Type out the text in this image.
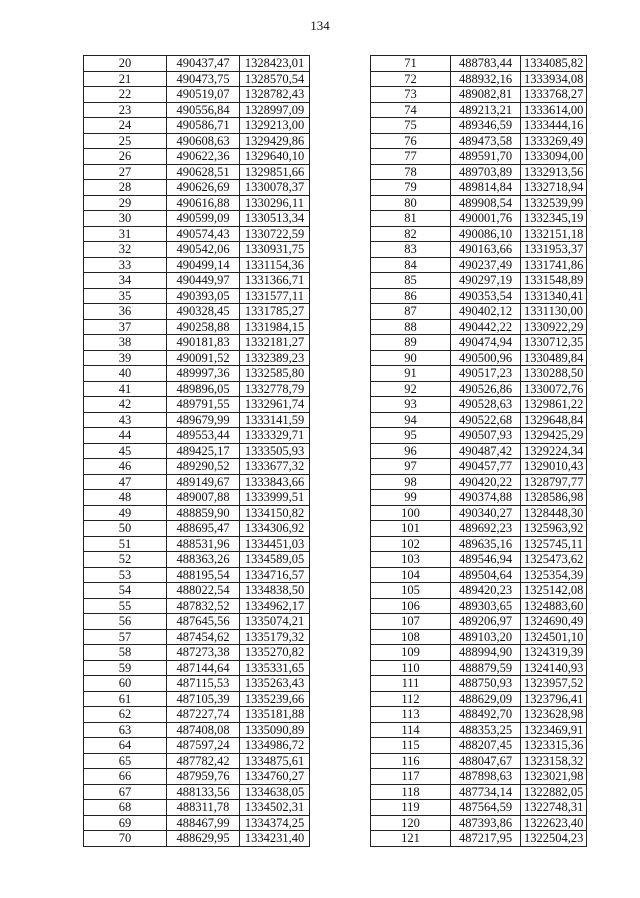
134
20	490437,47	1328423,01
21	490473,75	1328570,54
22	490519,07	1328782,43
23	490556,84	1328997,09
24	490586,71	1329213,00
25	490608,63	1329429,86
26	490622,36	1329640,10
27	490628,51	1329851,66
28	490626,69	1330078,37
29	490616,88	1330296,11
30	490599,09	1330513,34
31	490574,43	1330722,59
32	490542,06	1330931,75
33	490499,14	1331154,36
34	490449,97	1331366,71
35	490393,05	1331577,11
36	490328,45	1331785,27
37	490258,88	1331984,15
38	490181,83	1332181,27
39	490091,52	1332389,23
40	489997,36	1332585,80
41	489896,05	1332778,79
42	489791,55	1332961,74
43	489679,99	1333141,59
44	489553,44	1333329,71
45	489425,17	1333505,93
46	489290,52	1333677,32
47	489149,67	1333843,66
48	489007,88	1333999,51
49	488859,90	1334150,82
50	488695,47	1334306,92
51	488531,96	1334451,03
52	488363,26	1334589,05
53	488195,54	1334716,57
54	488022,54	1334838,50
55	487832,52	1334962,17
56	487645,56	1335074,21
57	487454,62	1335179,32
58	487273,38	1335270,82
59	487144,64	1335331,65
60	487115,53	1335263,43
61	487105,39	1335239,66
62	487227,74	1335181,88
63	487408,08	1335090,89
64	487597,24	1334986,72
65	487782,42	1334875,61
66	487959,76	1334760,27
67	488133,56	1334638,05
68	488311,78	1334502,31
69	488467,99	1334374,25
70	488629,95	1334231,40
71	488783,44	1334085,82
72	488932,16	1333934,08
73	489082,81	1333768,27
74	489213,21	1333614,00
75	489346,59	1333444,16
76	489473,58	1333269,49
77	489591,70	1333094,00
78	489703,89	1332913,56
79	489814,84	1332718,94
80	489908,54	1332539,99
81	490001,76	1332345,19
82	490086,10	1332151,18
83	490163,66	1331953,37
84	490237,49	1331741,86
85	490297,19	1331548,89
86	490353,54	1331340,41
87	490402,12	1331130,00
88	490442,22	1330922,29
89	490474,94	1330712,35
90	490500,96	1330489,84
91	490517,23	1330288,50
92	490526,86	1330072,76
93	490528,63	1329861,22
94	490522,68	1329648,84
95	490507,93	1329425,29
96	490487,42	1329224,34
97	490457,77	1329010,43
98	490420,22	1328797,77
99	490374,88	1328586,98
100	490340,27	1328448,30
101	489692,23	1325963,92
102	489635,16	1325745,11
103	489546,94	1325473,62
104	489504,64	1325354,39
105	489420,23	1325142,08
106	489303,65	1324883,60
107	489206,97	1324690,49
108	489103,20	1324501,10
109	488994,90	1324319,39
110	488879,59	1324140,93
111	488750,93	1323957,52
112	488629,09	1323796,41
113	488492,70	1323628,98
114	488353,25	1323469,91
115	488207,45	1323315,36
116	488047,67	1323158,32
117	487898,63	1323021,98
118	487734,14	1322882,05
119	487564,59	1322748,31
120	487393,86	1322623,40
121	487217,95	1322504,23
